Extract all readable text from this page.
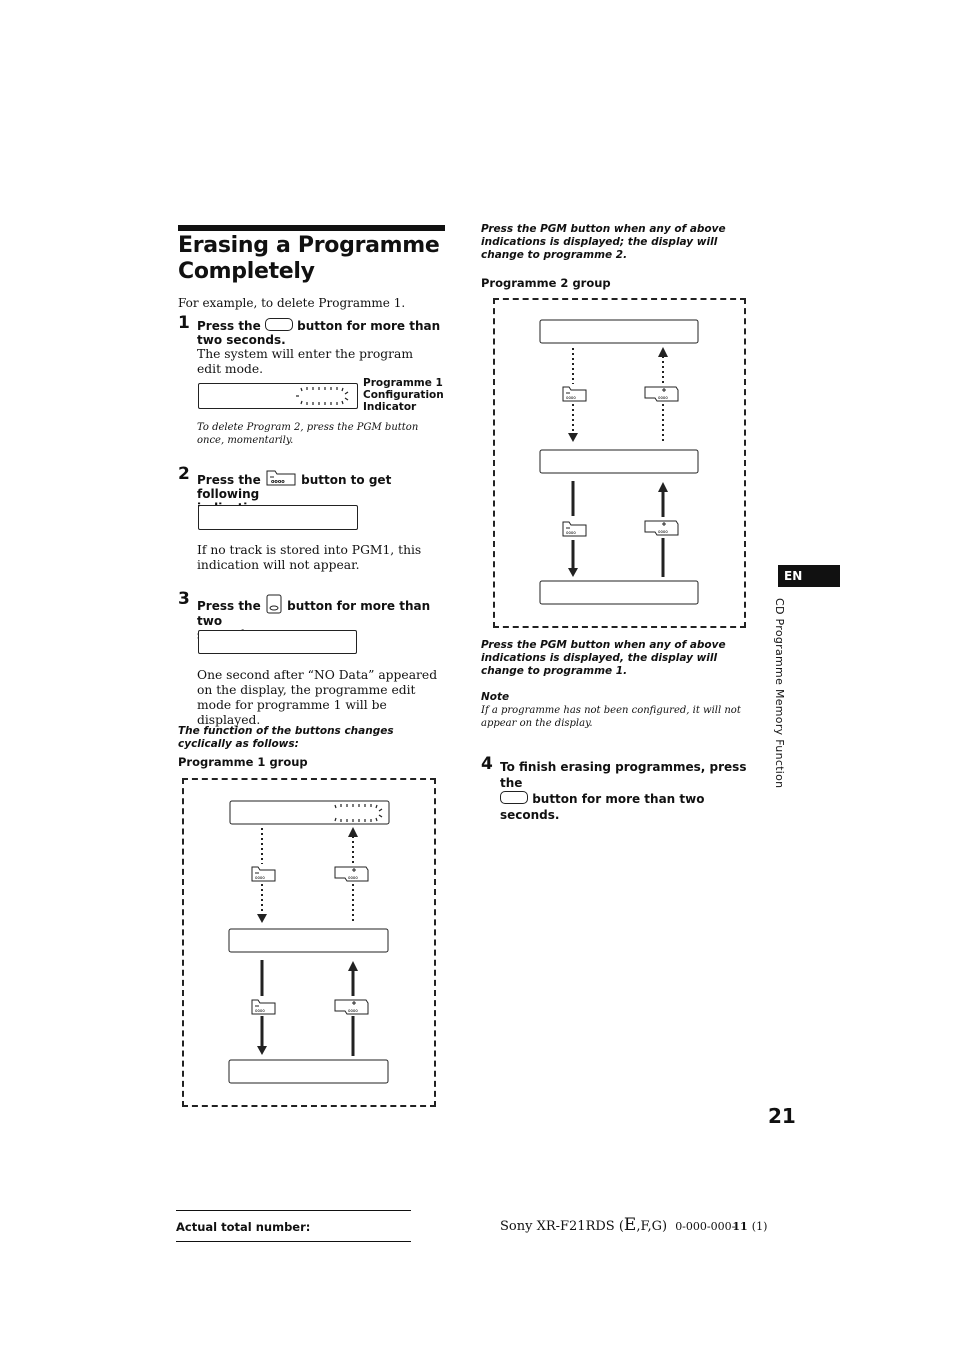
Erasing a Programme Completely
For example, to delete Programme 1.
1 Press the	button for more than
two seconds.
The system will enter the program edit mode.
Programme 1 Configuration Indicator
To delete Program 2, press the PGM button once, momentarily.
2 Press the oooo button to get following

If no track is stored into PGM1, this indication will not appear.
3 Press the button for more than two

One second after “NO Data” appeared on the display, the programme edit mode for programme 1 will be displayed.
The function of the buttons changes cyclically as follows:
Programme 1 group
oooo	oooo
oooo	oooo
Press the PGM button when any of above indications is displayed; the display will change to programme 2.
Programme 2 group
oooo	oooo
oooo	oooo
Press the PGM button when any of above indications is displayed, the display will change to programme 1.
Note
If a programme has not been configured, it will not appear on the display.
4 To finish erasing programmes, press the
button for more than two seconds.
EN
CD Programme Memory Function
21
Actual total number:	Sony XR-F21RDS (E,F,G) 0-000-000-11 (1)
